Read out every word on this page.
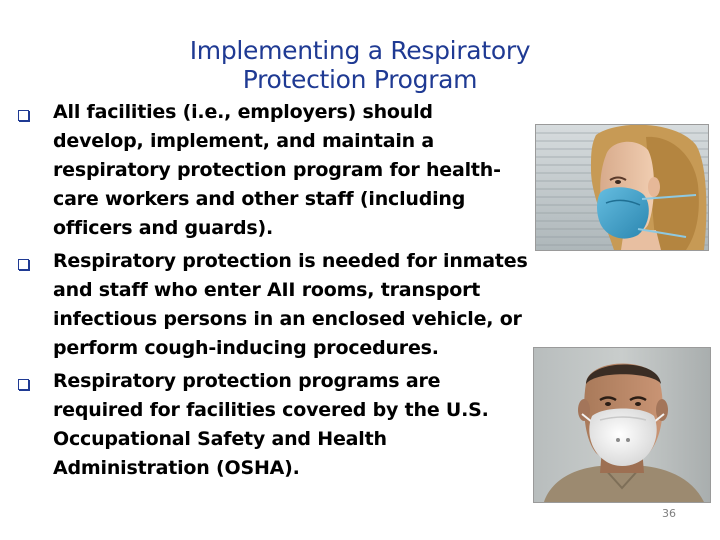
Implementing a Respiratory
Protection Program
All facilities (i.e., employers) should develop, implement, and maintain a respiratory protection program for health-care workers and other staff (including officers and guards).
Respiratory protection is needed for inmates and staff who enter AII rooms, transport infectious persons in an enclosed vehicle, or perform cough-inducing procedures.
Respiratory protection programs are required for facilities covered by the U.S. Occupational Safety and Health Administration (OSHA).
36
